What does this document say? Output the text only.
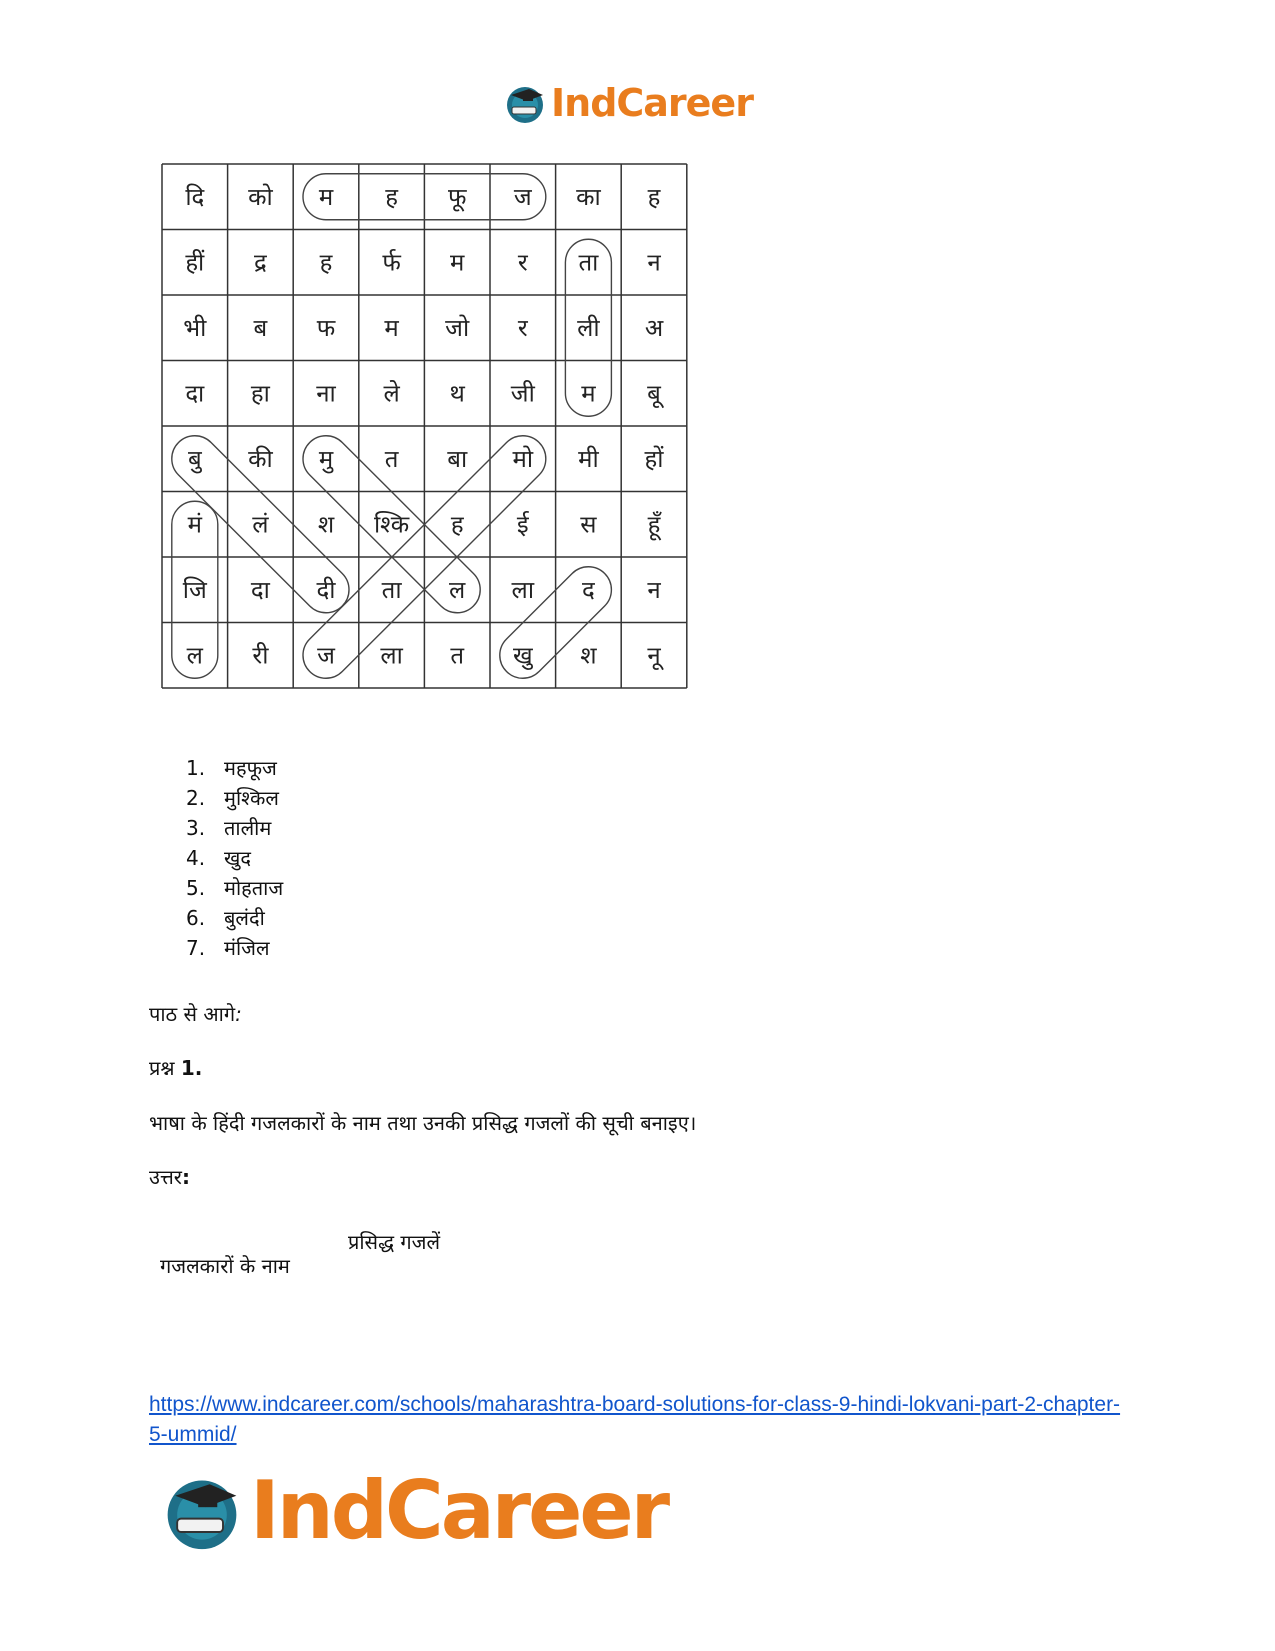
IndCareer
दि को म ह फू ज का ह
हीं द्र ह र्फ म र ता न
भी ब फ म जो र ली अ
दा हा ना ले थ जी म बू
बु की मु त बा मो मी हों
मं लं श श्कि ह ई स हूँ
जि दा दी ता ल ला द न
ल री ज ला त खु श नू
1. महफूज
2. मुश्किल
3. तालीम
4. खुद
5. मोहताज
6. बुलंदी
7. मंजिल

पाठ से आगे:

प्रश्न 1.

भाषा के हिंदी गजलकारों के नाम तथा उनकी प्रसिद्ध गजलों की सूची बनाइए।

उत्तर:

गजलकारों के नाम
प्रसिद्ध गजलें
https://www.indcareer.com/schools/maharashtra-board-solutions-for-class-9-hindi-lokvani-part-2-chapter-5-ummid/
IndCareer
